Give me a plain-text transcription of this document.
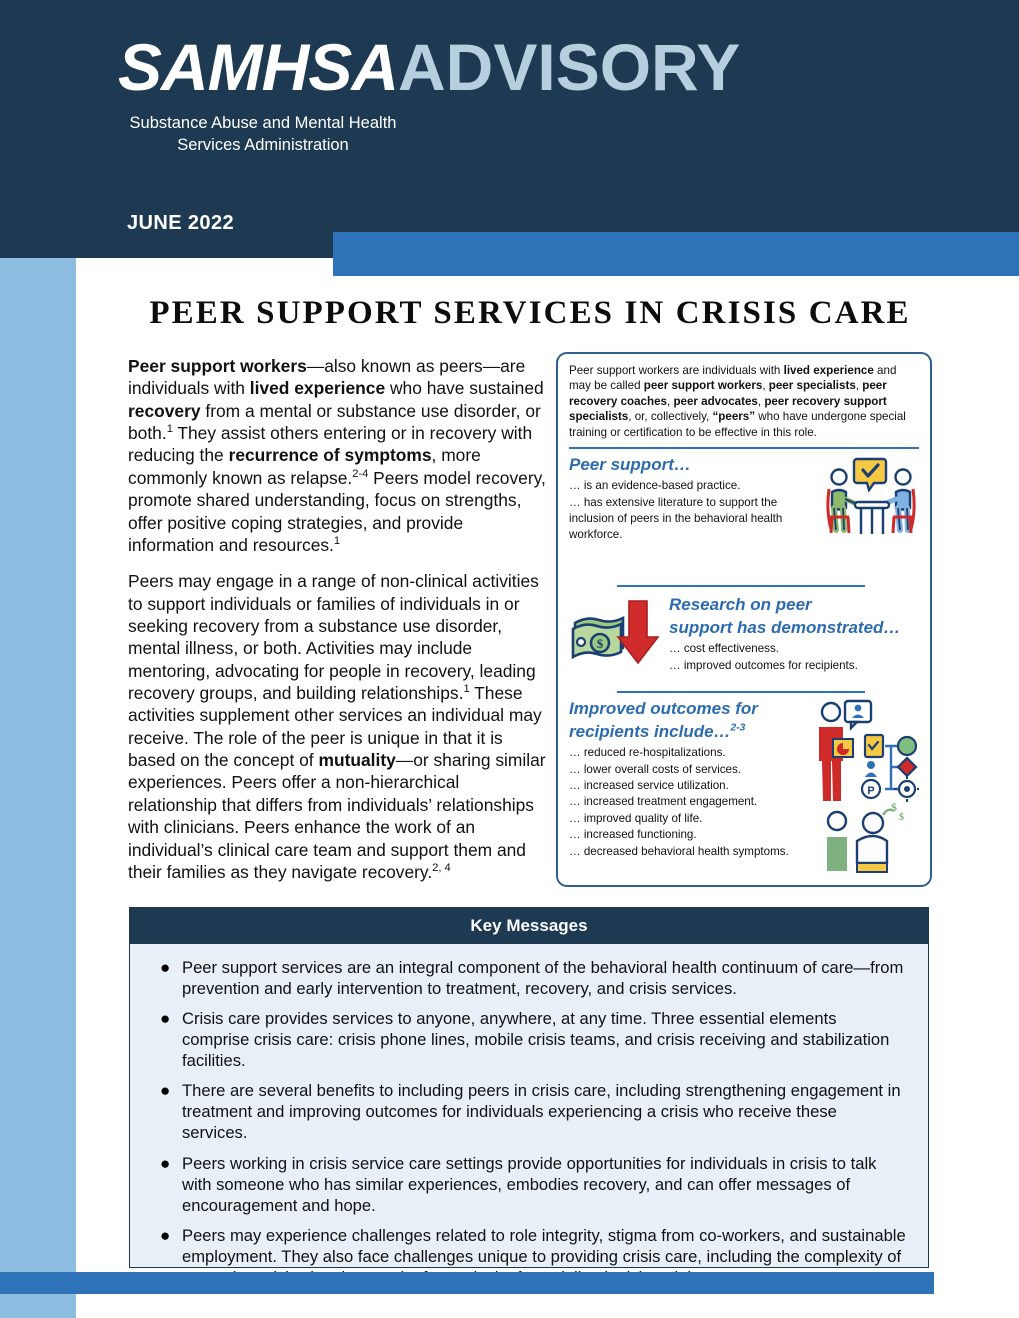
SAMHSAADVISORY
Substance Abuse and Mental Health Services Administration
JUNE 2022
PEER SUPPORT SERVICES IN CRISIS CARE

Peer support workers—also known as peers—are individuals with lived experience who have sustained recovery from a mental or substance use disorder, or both.$^1$ They assist others entering or in recovery with reducing the recurrence of symptoms, more commonly known as relapse.$^{2-4}$ Peers model recovery, promote shared understanding, focus on strengths, offer positive coping strategies, and provide information and resources.$^1$

Peers may engage in a range of non-clinical activities to support individuals or families of individuals in or seeking recovery from a substance use disorder, mental illness, or both. Activities may include mentoring, advocating for people in recovery, leading recovery groups, and building relationships.$^1$ These activities supplement other services an individual may receive. The role of the peer is unique in that it is based on the concept of mutuality—or sharing similar experiences. Peers offer a non-hierarchical relationship that differs from individuals’ relationships with clinicians. Peers enhance the work of an individual’s clinical care team and support them and their families as they navigate recovery.$^{2, 4}$

Peer support workers are individuals with lived experience and may be called peer support workers, peer specialists, peer recovery coaches, peer advocates, peer recovery support specialists, or, collectively, “peers” who have undergone special training or certification to be effective in this role.
Peer support…
… is an evidence-based practice.
… has extensive literature to support the inclusion of peers in the behavioral health workforce.
$
Research on peer
support has demonstrated…
… cost effectiveness.
… improved outcomes for recipients.
Improved outcomes for
recipients include…$^{2-3}$
… reduced re-hospitalizations.
… lower overall costs of services.
… increased service utilization.
… increased treatment engagement.
… improved quality of life.
… increased functioning.
… decreased behavioral health symptoms.
P
$
$
Key Messages
● Peer support services are an integral component of the behavioral health continuum of care—from prevention and early intervention to treatment, recovery, and crisis services.
● Crisis care provides services to anyone, anywhere, at any time. Three essential elements comprise crisis care: crisis phone lines, mobile crisis teams, and crisis receiving and stabilization facilities.
● There are several benefits to including peers in crisis care, including strengthening engagement in treatment and improving outcomes for individuals experiencing a crisis who receive these services.
● Peers working in crisis service care settings provide opportunities for individuals in crisis to talk with someone who has similar experiences, embodies recovery, and can offer messages of encouragement and hope.
● Peers may experience challenges related to role integrity, stigma from co-workers, and sustainable employment. They also face challenges unique to providing crisis care, including the complexity of
